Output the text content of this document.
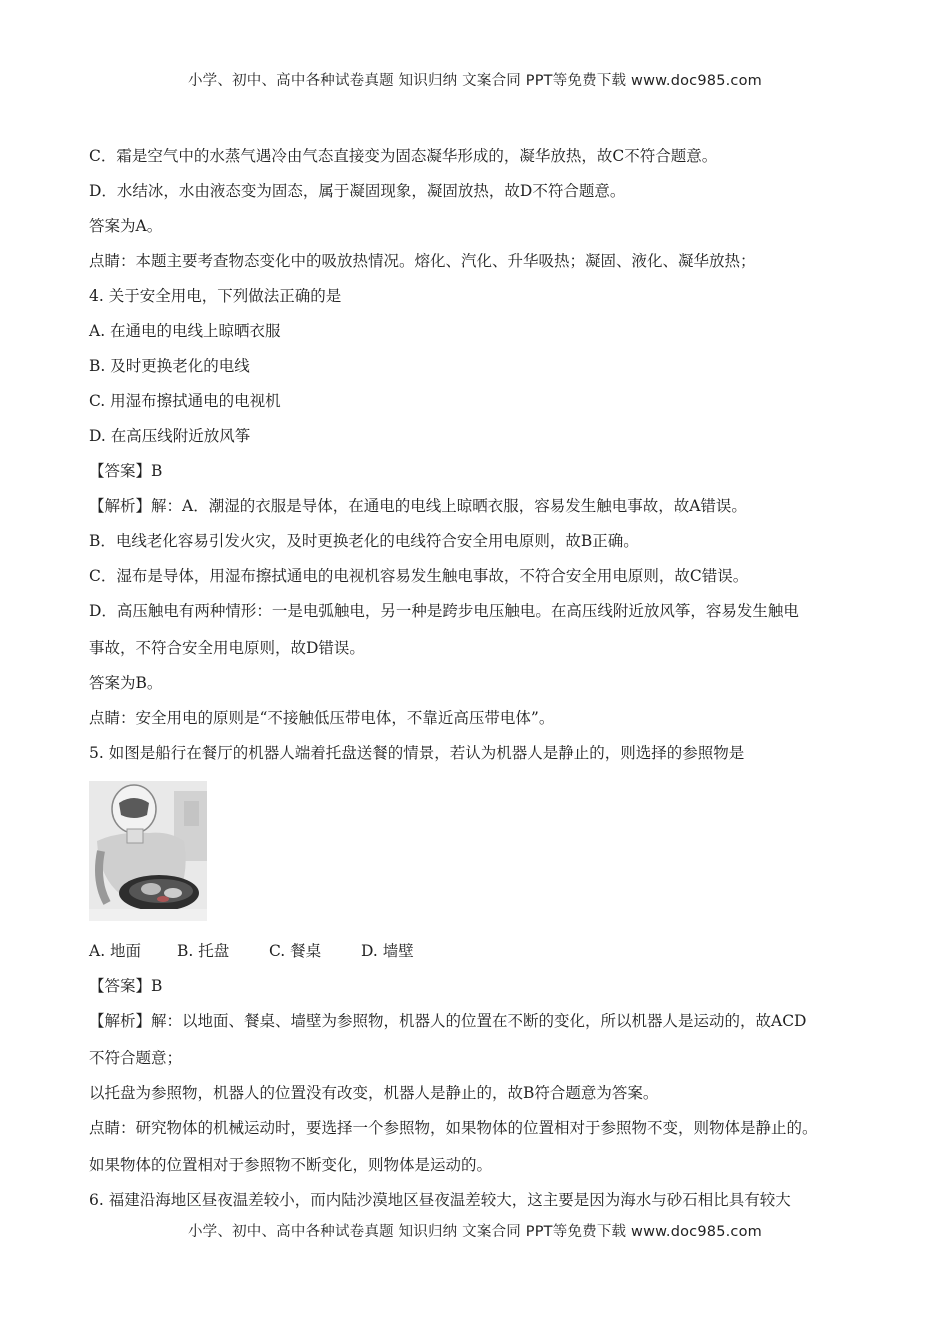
小学、初中、高中各种试卷真题 知识归纳 文案合同 PPT等免费下载 www.doc985.com
C．霜是空气中的水蒸气遇冷由气态直接变为固态凝华形成的，凝华放热，故C不符合题意。
D．水结冰，水由液态变为固态，属于凝固现象，凝固放热，故D不符合题意。
答案为A。
点睛：本题主要考查物态变化中的吸放热情况。熔化、汽化、升华吸热；凝固、液化、凝华放热；
4. 关于安全用电，下列做法正确的是
A. 在通电的电线上晾晒衣服
B. 及时更换老化的电线
C. 用湿布擦拭通电的电视机
D. 在高压线附近放风筝
【答案】B
【解析】解：A．潮湿的衣服是导体，在通电的电线上晾晒衣服，容易发生触电事故，故A错误。
B．电线老化容易引发火灾，及时更换老化的电线符合安全用电原则，故B正确。
C．湿布是导体，用湿布擦拭通电的电视机容易发生触电事故，不符合安全用电原则，故C错误。
D．高压触电有两种情形：一是电弧触电，另一种是跨步电压触电。在高压线附近放风筝，容易发生触电
事故，不符合安全用电原则，故D错误。
答案为B。
点睛：安全用电的原则是“不接触低压带电体，不靠近高压带电体”。
5. 如图是船行在餐厅的机器人端着托盘送餐的情景，若认为机器人是静止的，则选择的参照物是
A. 地面	B. 托盘	C. 餐桌	D. 墙壁
【答案】B
【解析】解：以地面、餐桌、墙壁为参照物，机器人的位置在不断的变化，所以机器人是运动的，故ACD
不符合题意；
以托盘为参照物，机器人的位置没有改变，机器人是静止的，故B符合题意为答案。
点睛：研究物体的机械运动时，要选择一个参照物，如果物体的位置相对于参照物不变，则物体是静止的。
如果物体的位置相对于参照物不断变化，则物体是运动的。
6. 福建沿海地区昼夜温差较小，而内陆沙漠地区昼夜温差较大，这主要是因为海水与砂石相比具有较大
小学、初中、高中各种试卷真题 知识归纳 文案合同 PPT等免费下载 www.doc985.com
